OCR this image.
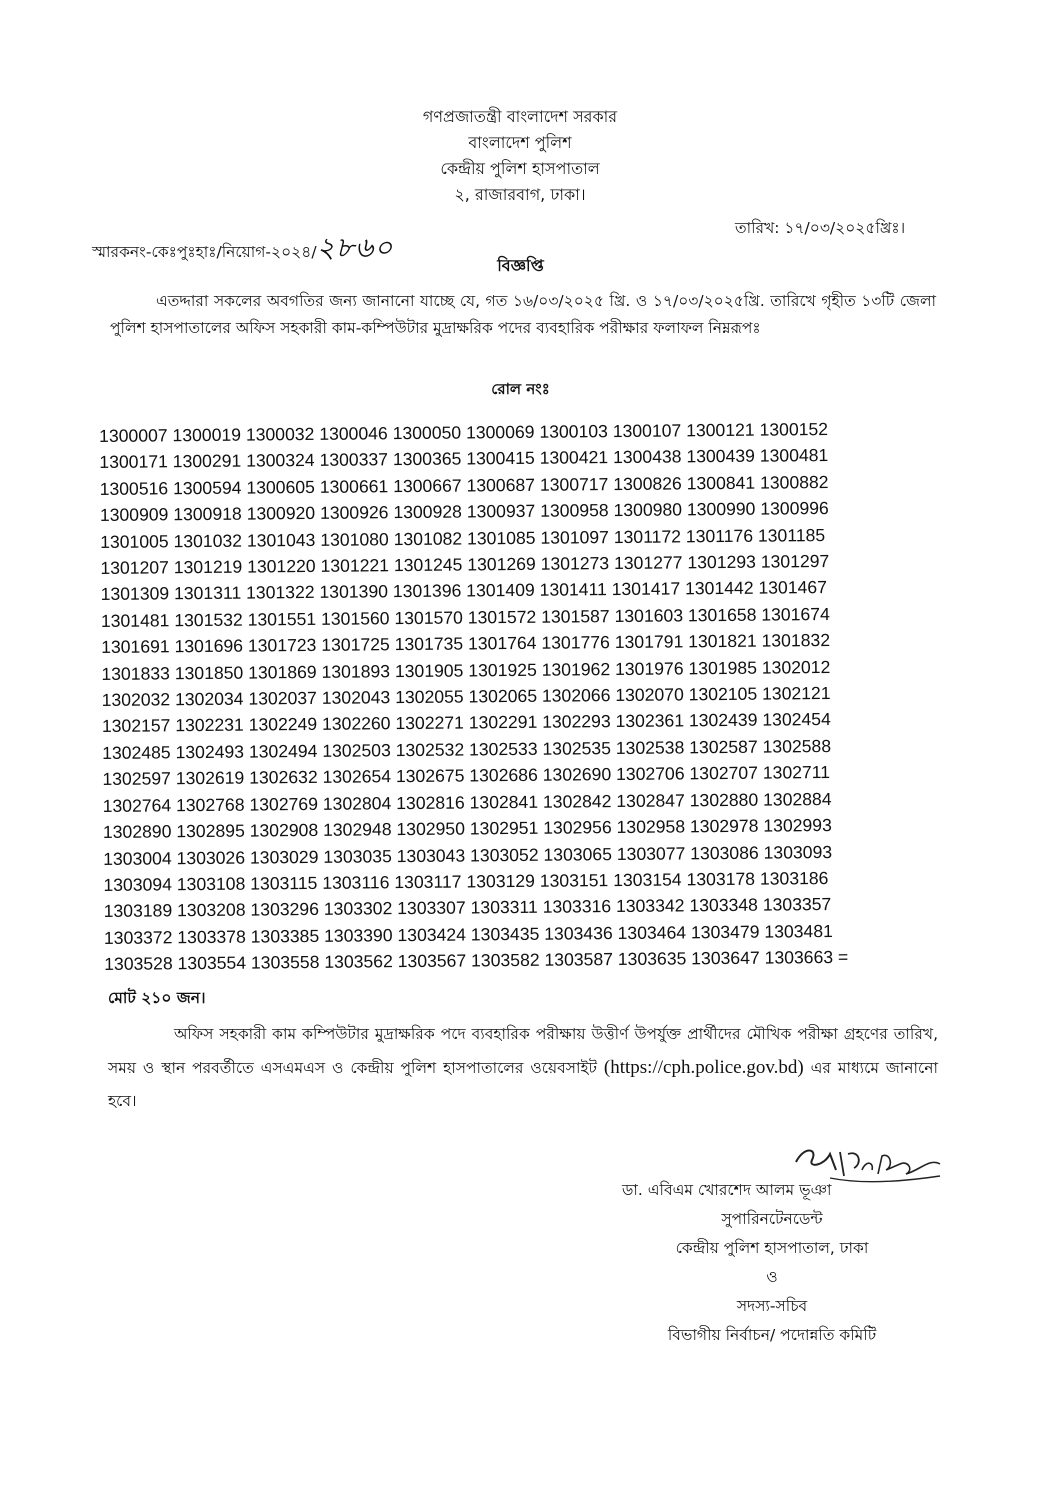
গণপ্রজাতন্ত্রী বাংলাদেশ সরকার
বাংলাদেশ পুলিশ
কেন্দ্রীয় পুলিশ হাসপাতাল
২, রাজারবাগ, ঢাকা।
স্মারকনং-কেঃপুঃহাঃ/নিয়োগ-২০২৪/২৮৬০
তারিখ: ১৭/০৩/২০২৫খ্রিঃ।
বিজ্ঞপ্তি
এতদ্দারা সকলের অবগতির জন্য জানানো যাচ্ছে যে, গত ১৬/০৩/২০২৫ খ্রি. ও ১৭/০৩/২০২৫খ্রি. তারিখে গৃহীত ১৩টি জেলা পুলিশ হাসপাতালের অফিস সহকারী কাম-কম্পিউটার মুদ্রাক্ষরিক পদের ব্যবহারিক পরীক্ষার ফলাফল নিম্নরূপঃ
রোল নংঃ
1300007 1300019 1300032 1300046 1300050 1300069 1300103 1300107 1300121 1300152
1300171 1300291 1300324 1300337 1300365 1300415 1300421 1300438 1300439 1300481
1300516 1300594 1300605 1300661 1300667 1300687 1300717 1300826 1300841 1300882
1300909 1300918 1300920 1300926 1300928 1300937 1300958 1300980 1300990 1300996
1301005 1301032 1301043 1301080 1301082 1301085 1301097 1301172 1301176 1301185
1301207 1301219 1301220 1301221 1301245 1301269 1301273 1301277 1301293 1301297
1301309 1301311 1301322 1301390 1301396 1301409 1301411 1301417 1301442 1301467
1301481 1301532 1301551 1301560 1301570 1301572 1301587 1301603 1301658 1301674
1301691 1301696 1301723 1301725 1301735 1301764 1301776 1301791 1301821 1301832
1301833 1301850 1301869 1301893 1301905 1301925 1301962 1301976 1301985 1302012
1302032 1302034 1302037 1302043 1302055 1302065 1302066 1302070 1302105 1302121
1302157 1302231 1302249 1302260 1302271 1302291 1302293 1302361 1302439 1302454
1302485 1302493 1302494 1302503 1302532 1302533 1302535 1302538 1302587 1302588
1302597 1302619 1302632 1302654 1302675 1302686 1302690 1302706 1302707 1302711
1302764 1302768 1302769 1302804 1302816 1302841 1302842 1302847 1302880 1302884
1302890 1302895 1302908 1302948 1302950 1302951 1302956 1302958 1302978 1302993
1303004 1303026 1303029 1303035 1303043 1303052 1303065 1303077 1303086 1303093
1303094 1303108 1303115 1303116 1303117 1303129 1303151 1303154 1303178 1303186
1303189 1303208 1303296 1303302 1303307 1303311 1303316 1303342 1303348 1303357
1303372 1303378 1303385 1303390 1303424 1303435 1303436 1303464 1303479 1303481
1303528 1303554 1303558 1303562 1303567 1303582 1303587 1303635 1303647 1303663 =
মোট ২১০ জন।
অফিস সহকারী কাম কম্পিউটার মুদ্রাক্ষরিক পদে ব্যবহারিক পরীক্ষায় উত্তীর্ণ উপর্যুক্ত প্রার্থীদের মৌখিক পরীক্ষা গ্রহণের তারিখ, সময় ও স্থান পরবর্তীতে এসএমএস ও কেন্দ্রীয় পুলিশ হাসপাতালের ওয়েবসাইট (https://cph.police.gov.bd) এর মাধ্যমে জানানো হবে।
ডা. এবিএম খোরশেদ আলম ভূঞা
সুপারিনটেনডেন্ট
কেন্দ্রীয় পুলিশ হাসপাতাল, ঢাকা
ও
সদস্য-সচিব
বিভাগীয় নির্বাচন/ পদোন্নতি কমিটি
